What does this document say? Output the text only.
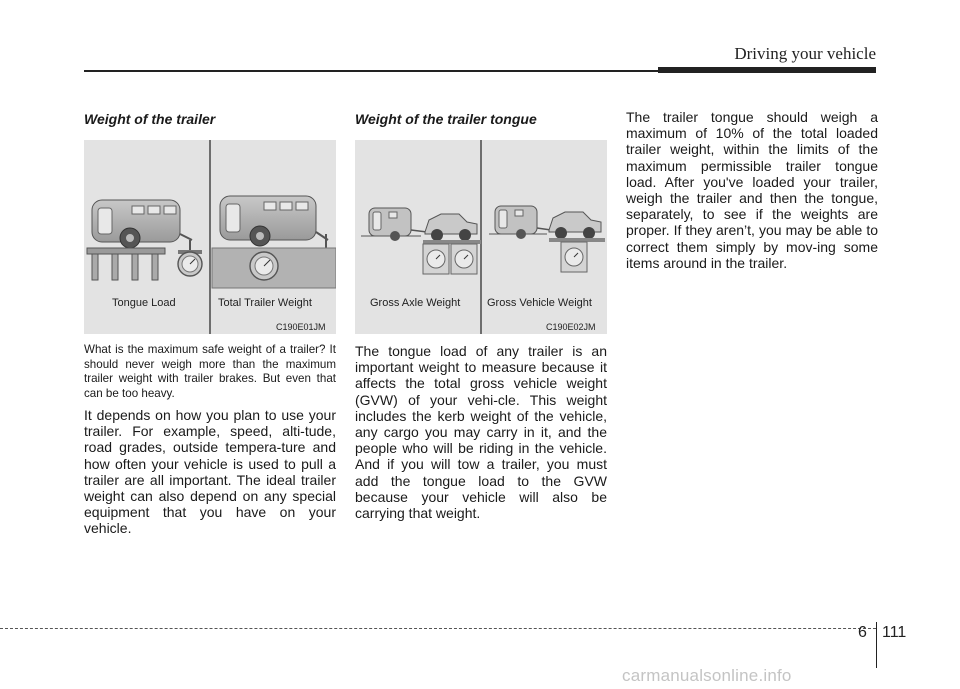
Driving your vehicle
Weight of the trailer
Tongue Load	Total Trailer Weight
C190E01JM

What is the maximum safe weight of a trailer? It should never weigh more than the maximum trailer weight with trailer brakes. But even that can be too heavy.

It depends on how you plan to use your trailer. For example, speed, alti-tude, road grades, outside tempera-ture and how often your vehicle is used to pull a trailer are all important. The ideal trailer weight can also depend on any special equipment that you have on your vehicle.

Weight of the trailer tongue
Gross Axle Weight Gross Vehicle Weight
C190E02JM

The tongue load of any trailer is an important weight to measure because it affects the total gross vehicle weight (GVW) of your vehi-cle. This weight includes the kerb weight of the vehicle, any cargo you may carry in it, and the people who will be riding in the vehicle. And if you will tow a trailer, you must add the tongue load to the GVW because your vehicle will also be carrying that weight.

The trailer tongue should weigh a maximum of 10% of the total loaded trailer weight, within the limits of the maximum permissible trailer tongue load. After you've loaded your trailer, weigh the trailer and then the tongue, separately, to see if the weights are proper. If they aren’t, you may be able to correct them simply by mov-ing some items around in the trailer.

6 111
carmanualsonline.info
